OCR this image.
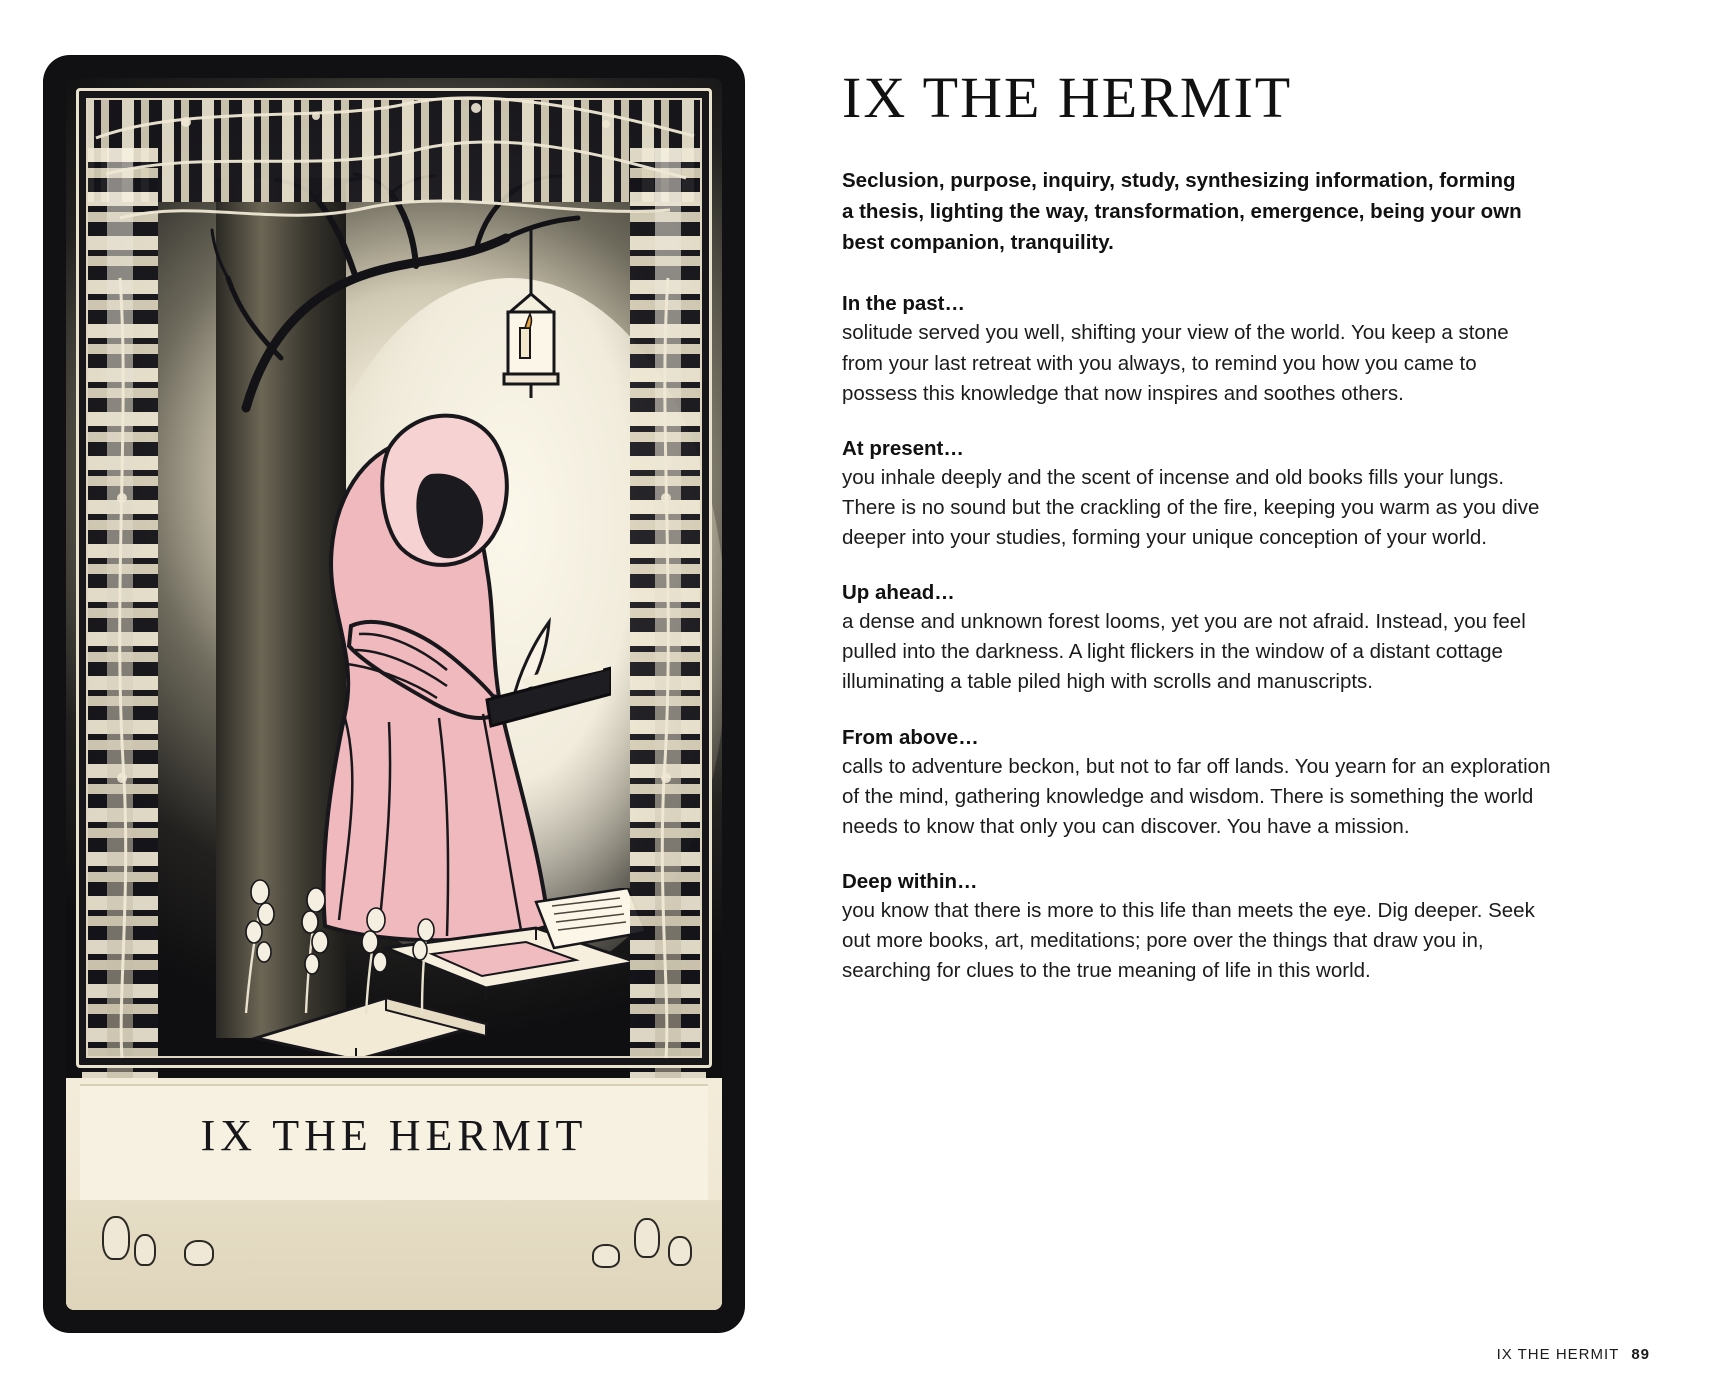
IX THE HERMIT
IX THE HERMIT

Seclusion, purpose, inquiry, study, synthesizing information, forming a thesis, lighting the way, transformation, emergence, being your own best companion, tranquility.

In the past…

solitude served you well, shifting your view of the world. You keep a stone from your last retreat with you always, to remind you how you came to possess this knowledge that now inspires and soothes others.

At present…

you inhale deeply and the scent of incense and old books fills your lungs. There is no sound but the crackling of the fire, keeping you warm as you dive deeper into your studies, forming your unique conception of your world.

Up ahead…

a dense and unknown forest looms, yet you are not afraid. Instead, you feel pulled into the darkness. A light flickers in the window of a distant cottage illuminating a table piled high with scrolls and manuscripts.

From above…

calls to adventure beckon, but not to far off lands. You yearn for an exploration of the mind, gathering knowledge and wisdom. There is something the world needs to know that only you can discover. You have a mission.

Deep within…

you know that there is more to this life than meets the eye. Dig deeper. Seek out more books, art, meditations; pore over the things that draw you in, searching for clues to the true meaning of life in this world.

IX THE HERMIT 89
